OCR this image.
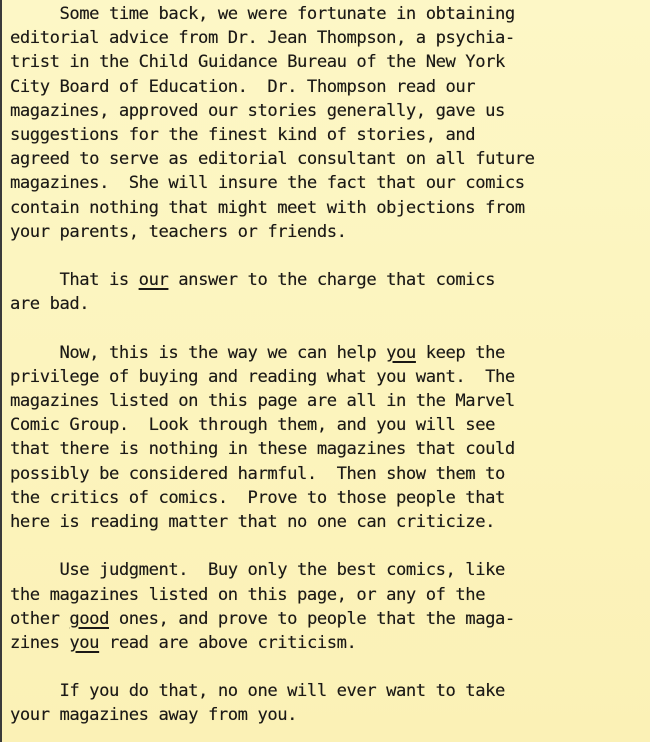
Some time back, we were fortunate in obtaining
editorial advice from Dr. Jean Thompson, a psychia-
trist in the Child Guidance Bureau of the New York
City Board of Education.  Dr. Thompson read our
magazines, approved our stories generally, gave us
suggestions for the finest kind of stories, and
agreed to serve as editorial consultant on all future
magazines.  She will insure the fact that our comics
contain nothing that might meet with objections from
your parents, teachers or friends.
That is our answer to the charge that comics
are bad.
Now, this is the way we can help you keep the
privilege of buying and reading what you want.  The
magazines listed on this page are all in the Marvel
Comic Group.  Look through them, and you will see
that there is nothing in these magazines that could
possibly be considered harmful.  Then show them to
the critics of comics.  Prove to those people that
here is reading matter that no one can criticize.
Use judgment.  Buy only the best comics, like
the magazines listed on this page, or any of the
other good ones, and prove to people that the maga-
zines you read are above criticism.
If you do that, no one will ever want to take
your magazines away from you.
